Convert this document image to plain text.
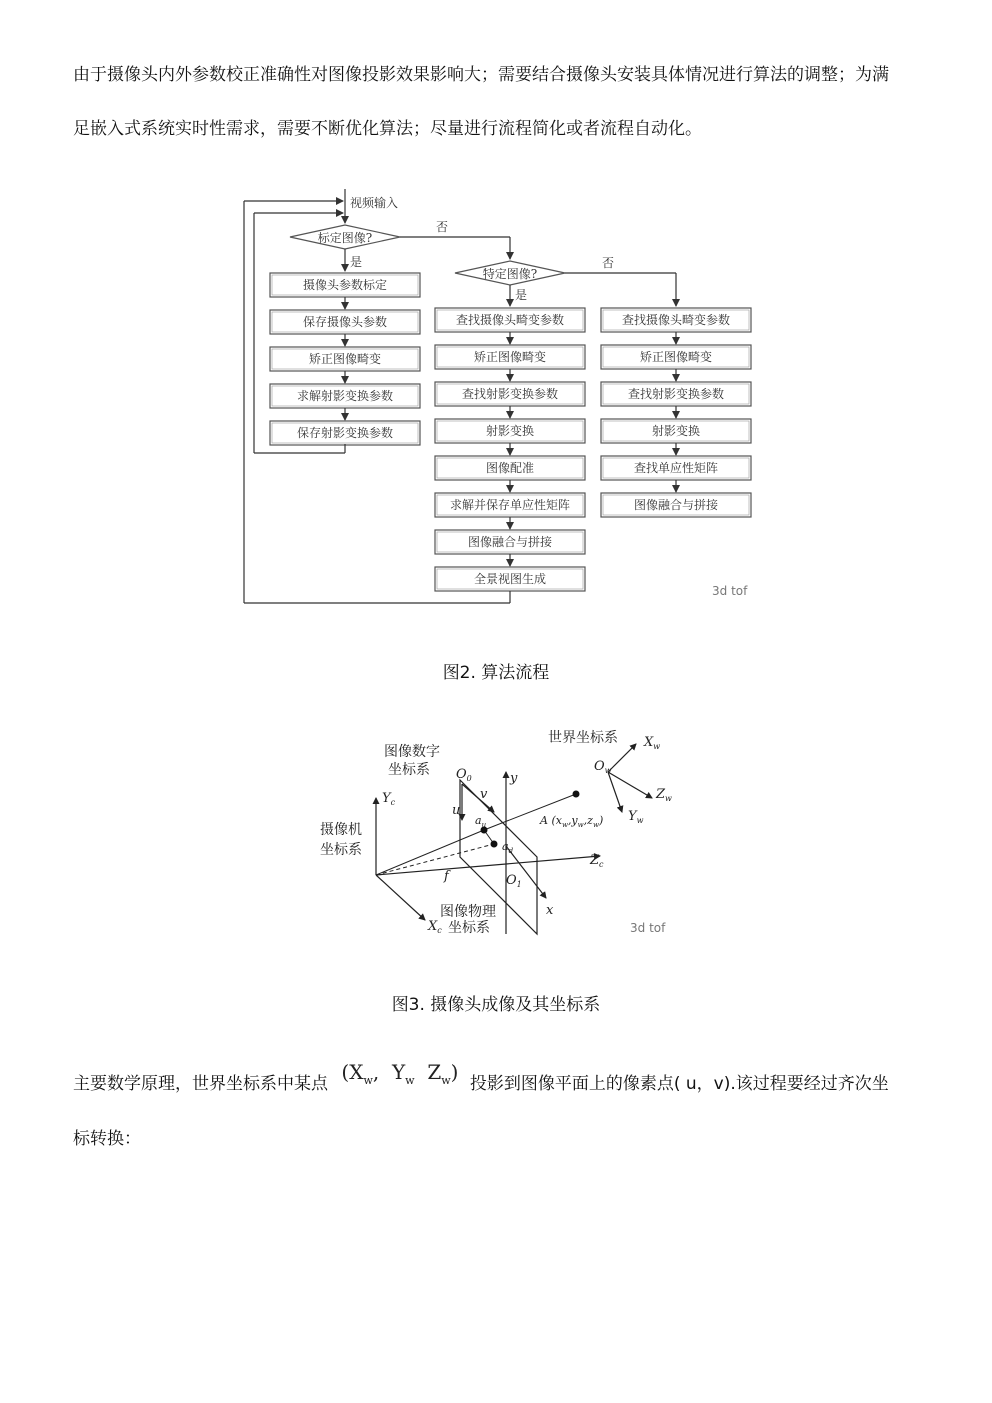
由于摄像头内外参数校正准确性对图像投影效果影响大；需要结合摄像头安装具体情况进行算法的调整；为满

足嵌入式系统实时性需求，需要不断优化算法；尽量进行流程简化或者流程自动化。

视频输入
标定图像?
否
是
特定图像?
否
是
摄像头参数标定
保存摄像头参数
矫正图像畸变
求解射影变换参数
保存射影变换参数
查找摄像头畸变参数
矫正图像畸变
查找射影变换参数
射影变换
图像配准
求解并保存单应性矩阵
图像融合与拼接
全景视图生成
查找摄像头畸变参数
矫正图像畸变
查找射影变换参数
射影变换
查找单应性矩阵
图像融合与拼接
3d tof

图2. 算法流程

图像数字
坐标系
世界坐标系
摄像机
坐标系
图像物理
坐标系
$O_w$
$X_w$
$Z_w$
$Y_w$
y
$O_0$
u
v
x
$Y_c$
$X_c$
$Z_c$
$a_u$
$a_d$
A $(x_w,y_w,z_w)$
f	$O_1$
3d tof

图3. 摄像头成像及其坐标系

主要数学原理，世界坐标系中某点 ($X_w$,  $Y_w$ $Z_w$) 投影到图像平面上的像素点( u，v).该过程要经过齐次坐

标转换：
